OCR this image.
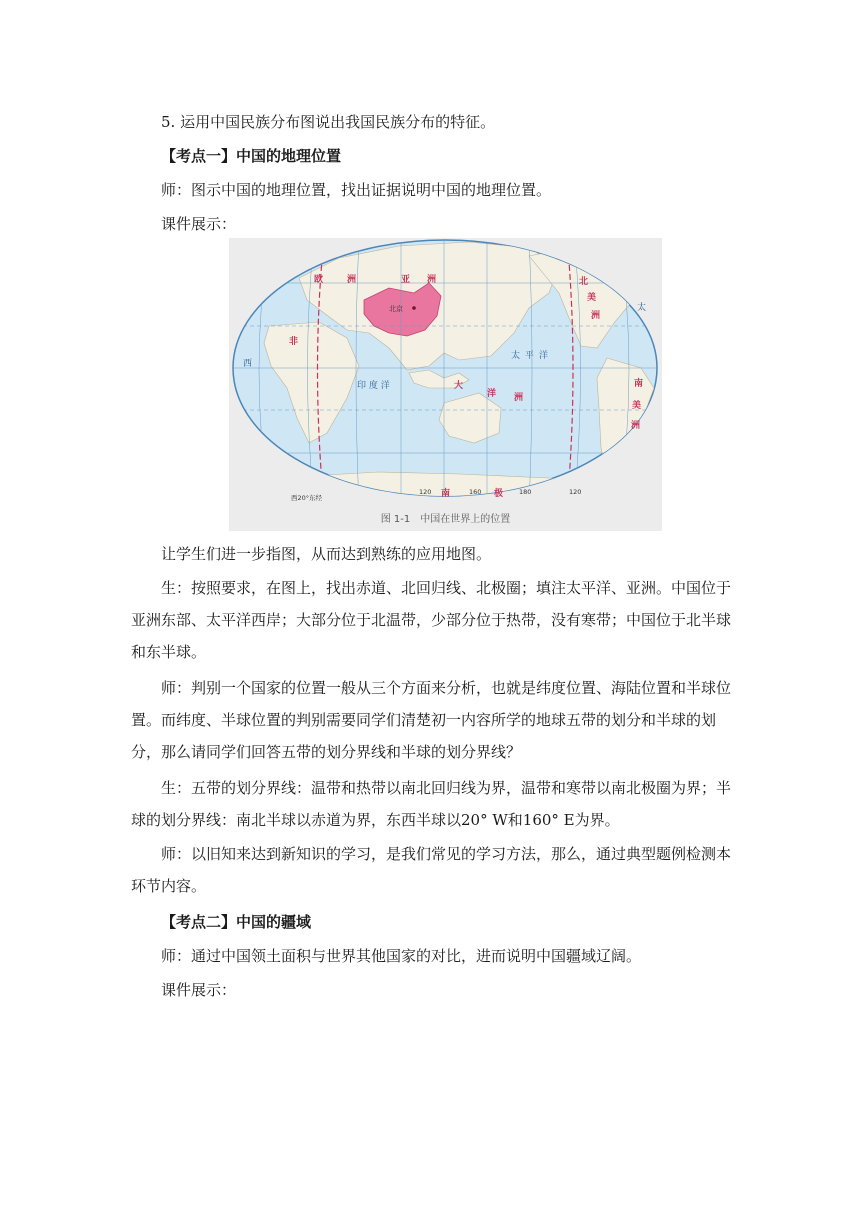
5. 运用中国民族分布图说出我国民族分布的特征。

【考点一】中国的地理位置

师：图示中国的地理位置，找出证据说明中国的地理位置。

课件展示：

北京
欧	洲	亚 洲	北
美
洲
非
南
美
洲
大
洋 洲
南	极
太 平 洋
印 度 洋
太
西
西20°东经
120	160	180	120
图 1-1　中国在世界上的位置

让学生们进一步指图，从而达到熟练的应用地图。

生：按照要求，在图上，找出赤道、北回归线、北极圈；填注太平洋、亚洲。中国位于亚洲东部、太平洋西岸；大部分位于北温带，少部分位于热带，没有寒带；中国位于北半球和东半球。

师：判别一个国家的位置一般从三个方面来分析，也就是纬度位置、海陆位置和半球位置。而纬度、半球位置的判别需要同学们清楚初一内容所学的地球五带的划分和半球的划分，那么请同学们回答五带的划分界线和半球的划分界线？

生：五带的划分界线：温带和热带以南北回归线为界，温带和寒带以南北极圈为界；半球的划分界线：南北半球以赤道为界，东西半球以20° W和160° E为界。

师：以旧知来达到新知识的学习，是我们常见的学习方法，那么，通过典型题例检测本环节内容。

【考点二】中国的疆域

师：通过中国领土面积与世界其他国家的对比，进而说明中国疆域辽阔。

课件展示：
